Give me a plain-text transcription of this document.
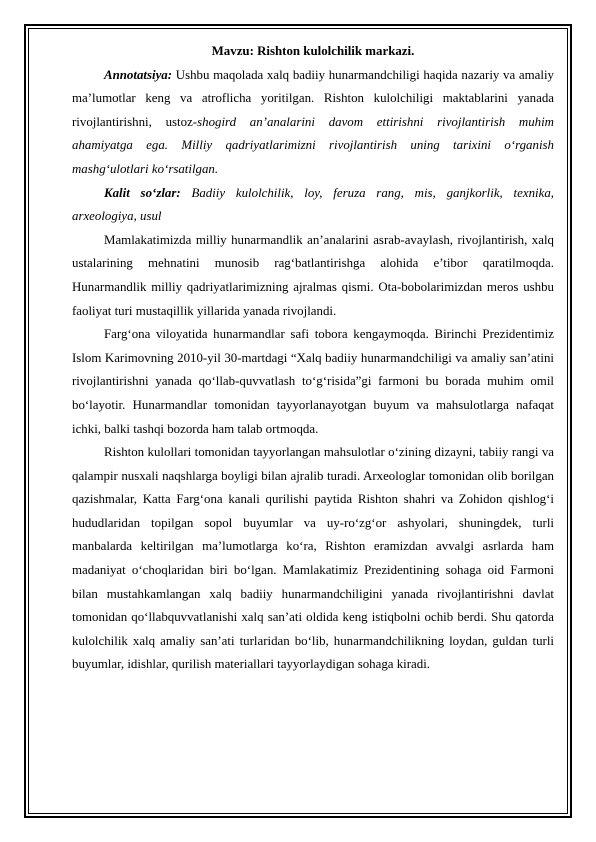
Mavzu: Rishton kulolchilik markazi.

Annotatsiya: Ushbu maqolada xalq badiiy hunarmandchiligi haqida nazariy va amaliy ma’lumotlar keng va atroflicha yoritilgan. Rishton kulolchiligi maktablarini yanada rivojlantirishni, ustoz-shogird an’analarini davom ettirishni rivojlantirish muhim ahamiyatga ega. Milliy qadriyatlarimizni rivojlantirish uning tarixini o‘rganish mashg‘ulotlari ko‘rsatilgan.

Kalit so‘zlar: Badiiy kulolchilik, loy, feruza rang, mis, ganjkorlik, texnika, arxeologiya, usul

Mamlakatimizda milliy hunarmandlik an’analarini asrab-avaylash, rivojlantirish, xalq ustalarining mehnatini munosib rag‘batlantirishga alohida e’tibor qaratilmoqda. Hunarmandlik milliy qadriyatlarimizning ajralmas qismi. Ota-bobolarimizdan meros ushbu faoliyat turi mustaqillik yillarida yanada rivojlandi.

Farg‘ona viloyatida hunarmandlar safi tobora kengaymoqda. Birinchi Prezidentimiz Islom Karimovning 2010-yil 30-martdagi “Xalq badiiy hunarmandchiligi va amaliy san’atini rivojlantirishni yanada qo‘llab-quvvatlash to‘g‘risida”gi farmoni bu borada muhim omil bo‘layotir. Hunarmandlar tomonidan tayyorlanayotgan buyum va mahsulotlarga nafaqat ichki, balki tashqi bozorda ham talab ortmoqda.

Rishton kulollari tomonidan tayyorlangan mahsulotlar o‘zining dizayni, tabiiy rangi va qalampir nusxali naqshlarga boyligi bilan ajralib turadi. Arxeologlar tomonidan olib borilgan qazishmalar, Katta Farg‘ona kanali qurilishi paytida Rishton shahri va Zohidon qishlog‘i hududlaridan topilgan sopol buyumlar va uy-ro‘zg‘or ashyolari, shuningdek, turli manbalarda keltirilgan ma’lumotlarga ko‘ra, Rishton eramizdan avvalgi asrlarda ham madaniyat o‘choqlaridan biri bo‘lgan. Mamlakatimiz Prezidentining sohaga oid Farmoni bilan mustahkamlangan xalq badiiy hunarmandchiligini yanada rivojlantirishni davlat tomonidan qo‘llabquvvatlanishi xalq san’ati oldida keng istiqbolni ochib berdi. Shu qatorda kulolchilik xalq amaliy san’ati turlaridan bo‘lib, hunarmandchilikning loydan, guldan turli buyumlar, idishlar, qurilish materiallari tayyorlaydigan sohaga kiradi.
